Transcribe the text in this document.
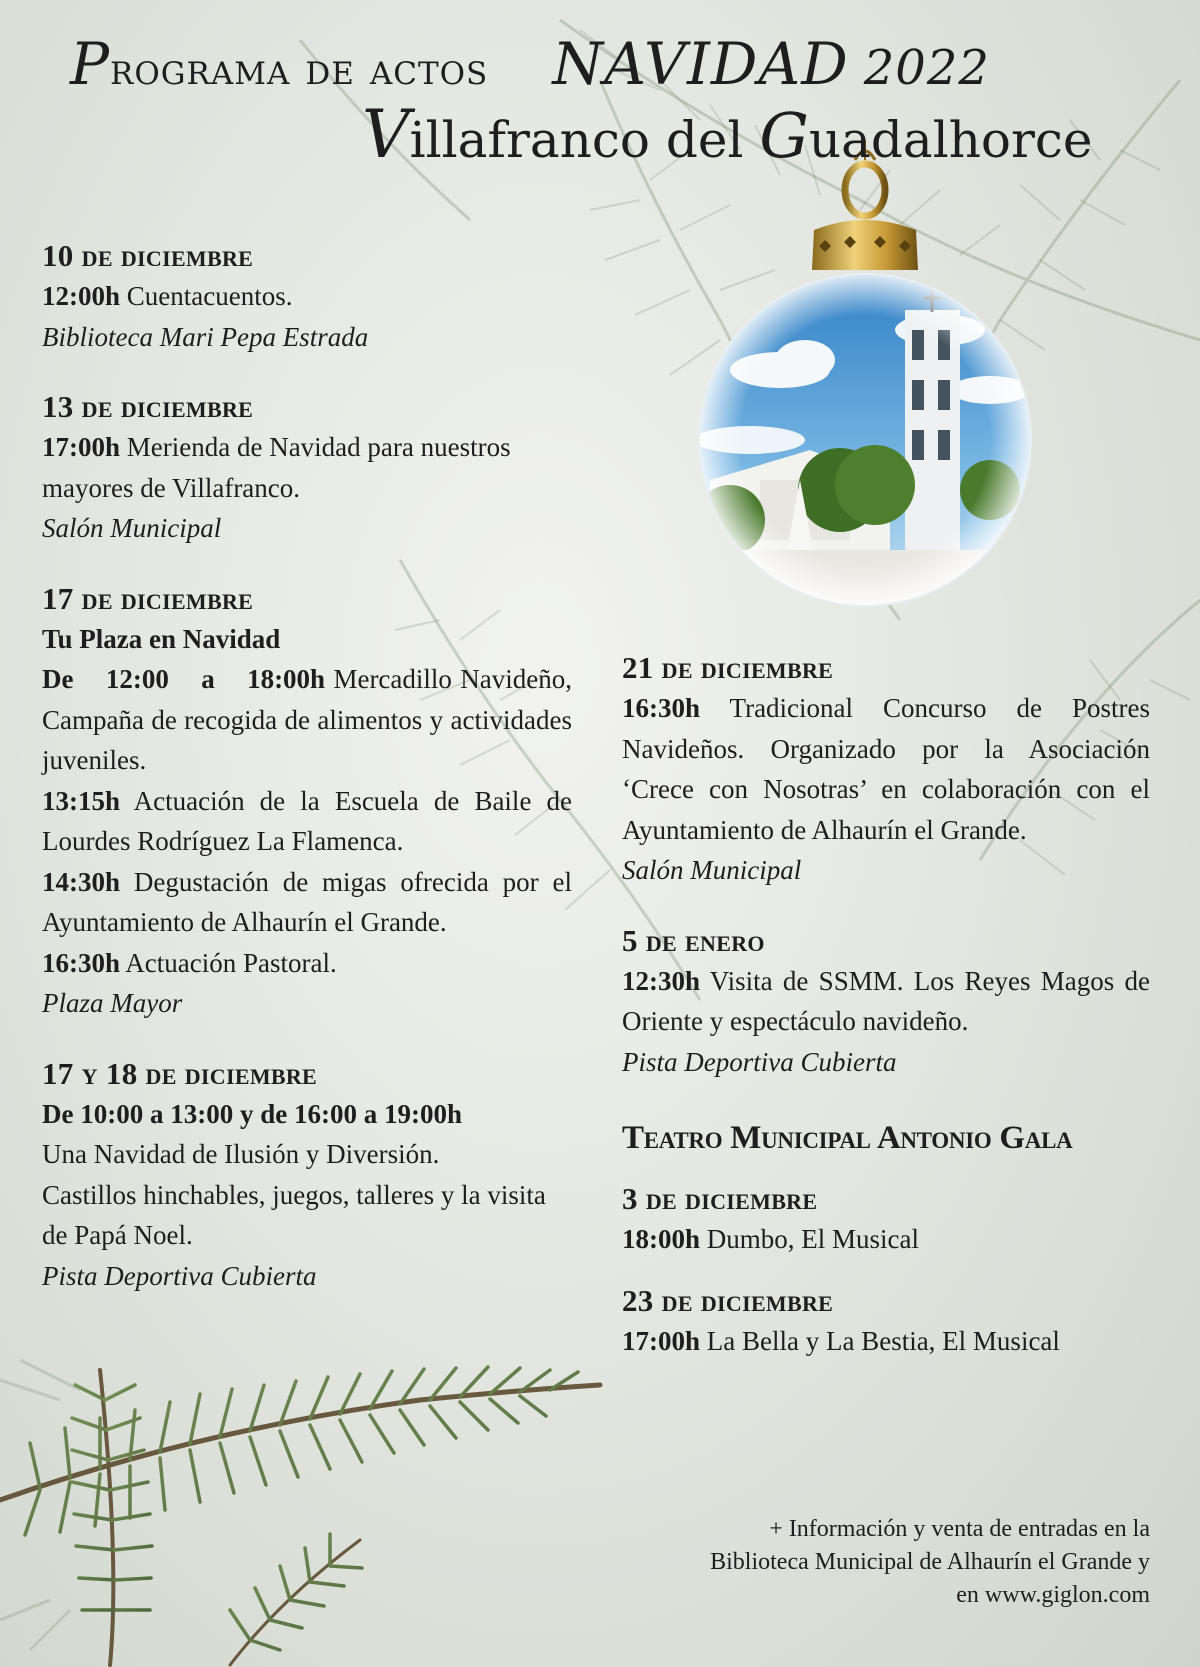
Programa de actos NAVIDAD 2022
Villafranco del Guadalhorce
10 de diciembre

12:00h Cuentacuentos.

Biblioteca Mari Pepa Estrada

13 de diciembre

17:00h Merienda de Navidad para nuestros mayores de Villafranco.

Salón Municipal

17 de diciembre
Tu Plaza en Navidad

De 12:00 a 18:00h Mercadillo Navideño, Campaña de recogida de alimentos y actividades juveniles.

13:15h Actuación de la Escuela de Baile de Lourdes Rodríguez La Flamenca.

14:30h Degustación de migas ofrecida por el Ayuntamiento de Alhaurín el Grande.

16:30h Actuación Pastoral.

Plaza Mayor

17 y 18 de diciembre
De 10:00 a 13:00 y de 16:00 a 19:00h

Una Navidad de Ilusión y Diversión.

Castillos hinchables, juegos, talleres y la visita de Papá Noel.

Pista Deportiva Cubierta

21 de diciembre

16:30h Tradicional Concurso de Postres Navideños. Organizado por la Asociación ‘Crece con Nosotras’ en colaboración con el Ayuntamiento de Alhaurín el Grande.

Salón Municipal

5 de enero

12:30h Visita de SSMM. Los Reyes Magos de Oriente y espectáculo navideño.

Pista Deportiva Cubierta

Teatro Municipal Antonio Gala
3 de diciembre

18:00h Dumbo, El Musical

23 de diciembre

17:00h La Bella y La Bestia, El Musical

+ Información y venta de entradas en la
Biblioteca Municipal de Alhaurín el Grande y
en www.giglon.com
